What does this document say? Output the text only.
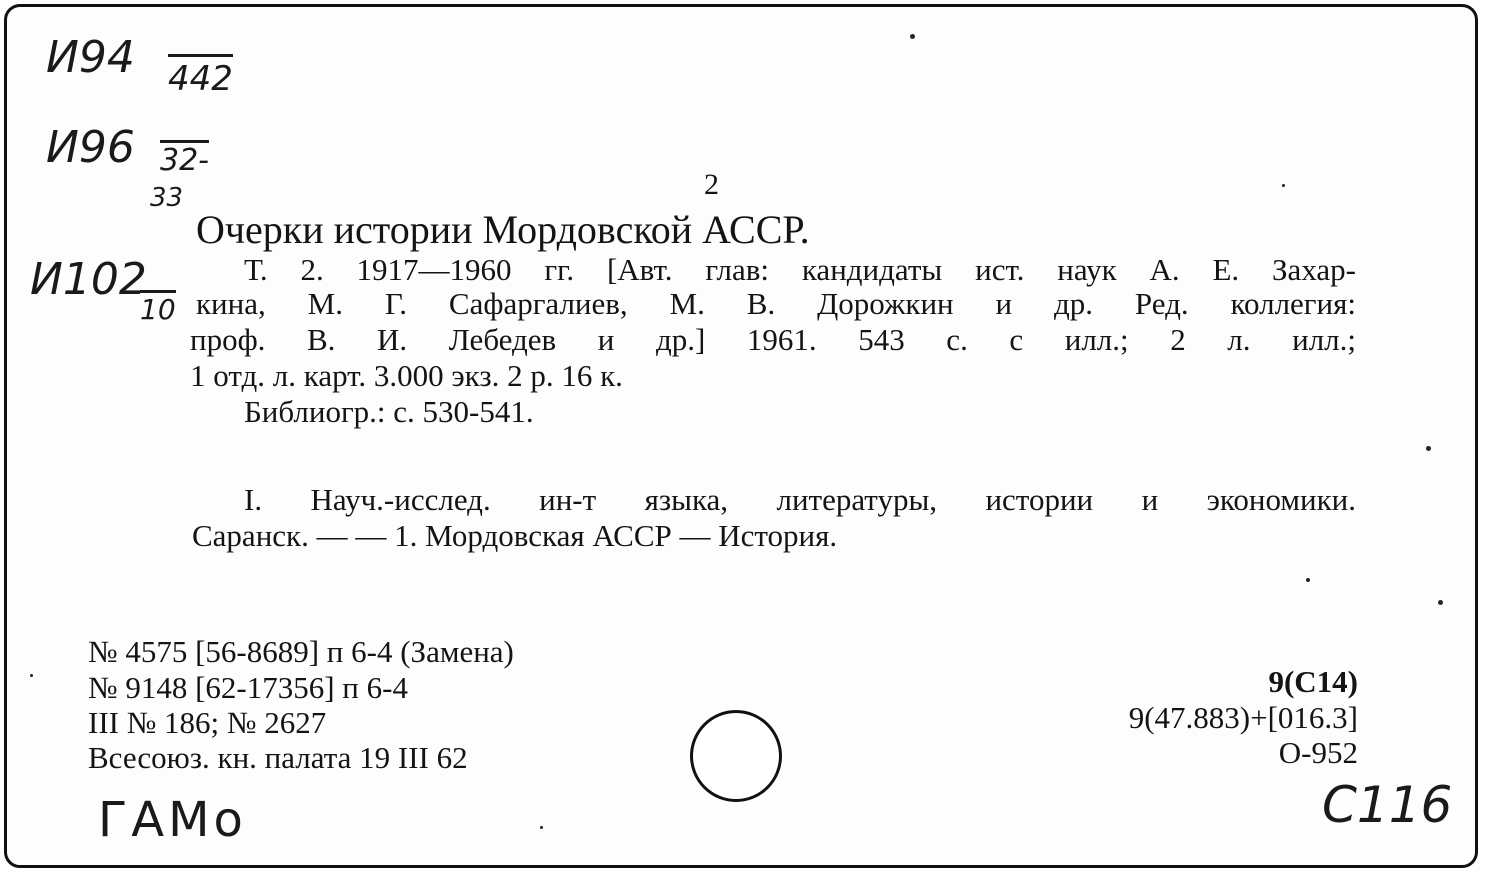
И94 442
И96 32-
33
И102
10
ГАМо	С116
2
Очерки истории Мордовской АССР.
Т. 2. 1917—1960 гг. [Авт. глав: кандидаты ист. наук А. Е. Захар-
кина, М. Г. Сафаргалиев, М. В. Дорожкин и др. Ред. коллегия:
проф. В. И. Лебедев и др.] 1961. 543 с. с илл.; 2 л. илл.;
1 отд. л. карт. 3.000 экз. 2 р. 16 к.
Библиогр.: с. 530-541.
I. Науч.-исслед. ин-т языка, литературы, истории и экономики.
Саранск. — — 1. Мордовская АССР — История.
№ 4575 [56-8689] п 6-4 (Замена)
№ 9148 [62-17356] п 6-4
III № 186; № 2627
Всесоюз. кн. палата 19 III 62
9(С14)
9(47.883)+[016.3]
О-952
